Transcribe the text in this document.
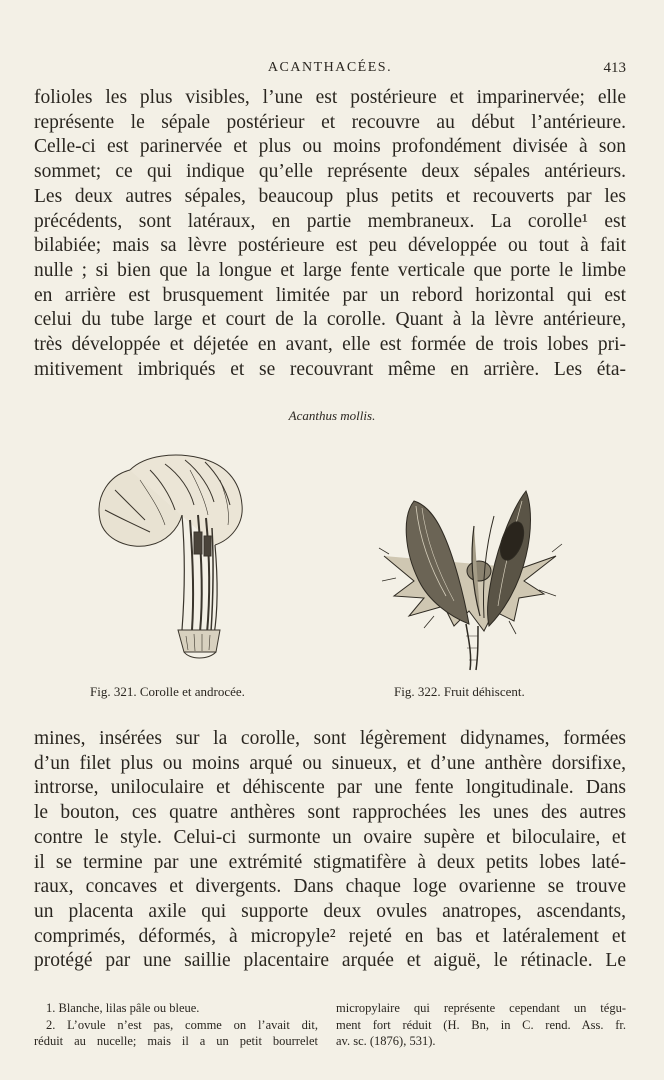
ACANTHACÉES.	413

folioles les plus visibles, l’une est postérieure et imparinervée; elle
représente le sépale postérieur et recouvre au début l’antérieure.
Celle-ci est parinervée et plus ou moins profondément divisée à son
sommet; ce qui indique qu’elle représente deux sépales antérieurs.
Les deux autres sépales, beaucoup plus petits et recouverts par les
précédents, sont latéraux, en partie membraneux. La corolle¹ est
bilabiée; mais sa lèvre postérieure est peu développée ou tout à fait
nulle ; si bien que la longue et large fente verticale que porte le limbe
en arrière est brusquement limitée par un rebord horizontal qui est
celui du tube large et court de la corolle. Quant à la lèvre antérieure,
très développée et déjetée en avant, elle est formée de trois lobes pri-
mitivement imbriqués et se recouvrant même en arrière. Les éta-

Acanthus mollis.
Fig. 321. Corolle et androcée.	Fig. 322. Fruit déhiscent.

mines, insérées sur la corolle, sont légèrement didynames, formées
d’un filet plus ou moins arqué ou sinueux, et d’une anthère dorsifixe,
introrse, uniloculaire et déhiscente par une fente longitudinale. Dans
le bouton, ces quatre anthères sont rapprochées les unes des autres
contre le style. Celui-ci surmonte un ovaire supère et biloculaire, et
il se termine par une extrémité stigmatifère à deux petits lobes laté-
raux, concaves et divergents. Dans chaque loge ovarienne se trouve
un placenta axile qui supporte deux ovules anatropes, ascendants,
comprimés, déformés, à micropyle² rejeté en bas et latéralement et
protégé par une saillie placentaire arquée et aiguë, le rétinacle. Le

1. Blanche, lilas pâle ou bleue.
2. L’ovule n’est pas, comme on l’avait dit,
réduit au nucelle; mais il a un petit bourrelet
micropylaire qui représente cependant un tégu-
ment fort réduit (H. Bn, in C. rend. Ass. fr.
av. sc. (1876), 531).
